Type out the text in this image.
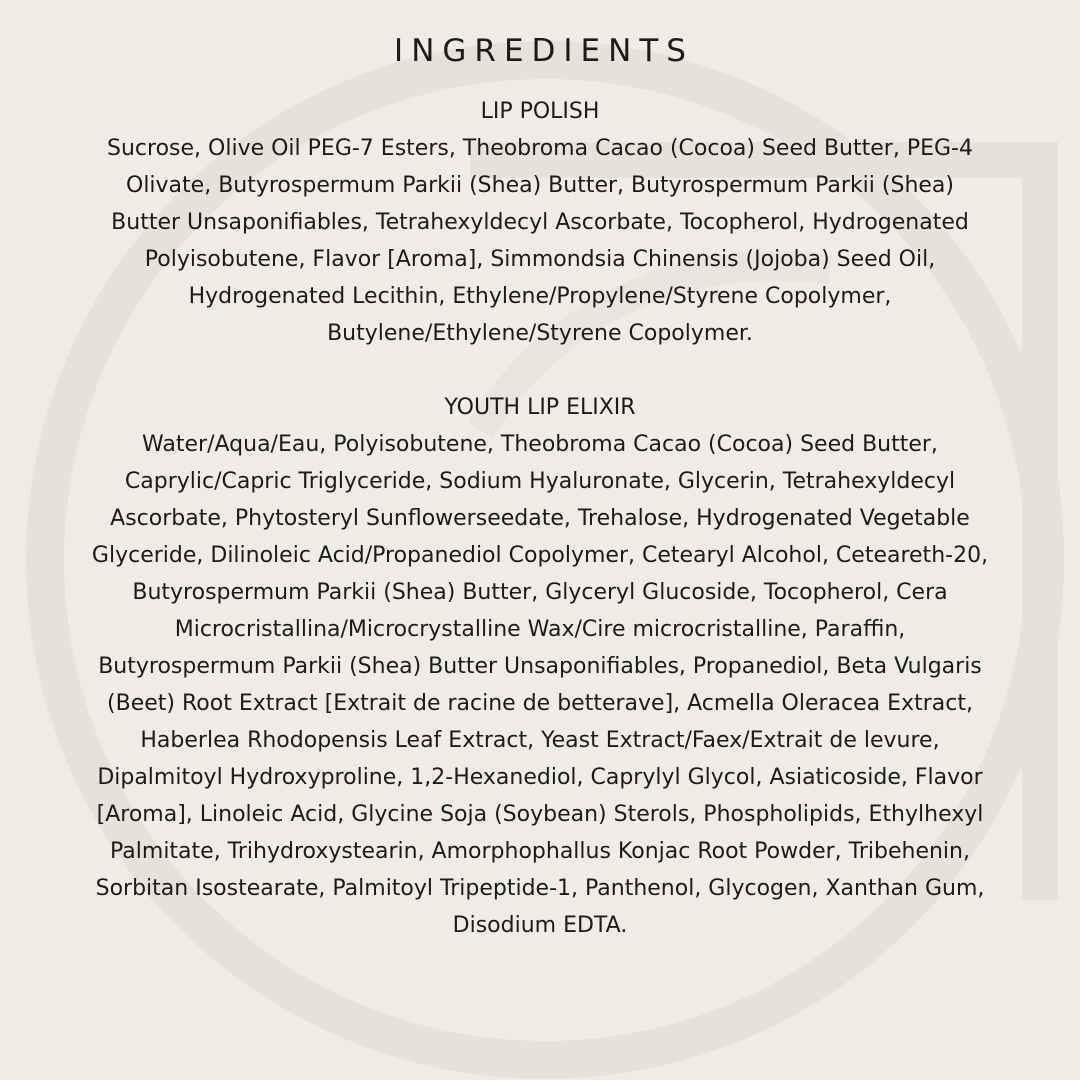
INGREDIENTS
LIP POLISH
Sucrose, Olive Oil PEG-7 Esters, Theobroma Cacao (Cocoa) Seed Butter, PEG-4 Olivate, Butyrospermum Parkii (Shea) Butter, Butyrospermum Parkii (Shea) Butter Unsaponifiables, Tetrahexyldecyl Ascorbate, Tocopherol, Hydrogenated Polyisobutene, Flavor [Aroma], Simmondsia Chinensis (Jojoba) Seed Oil, Hydrogenated Lecithin, Ethylene/Propylene/Styrene Copolymer, Butylene/Ethylene/Styrene Copolymer.
YOUTH LIP ELIXIR
Water/Aqua/Eau, Polyisobutene, Theobroma Cacao (Cocoa) Seed Butter, Caprylic/Capric Triglyceride, Sodium Hyaluronate, Glycerin, Tetrahexyldecyl Ascorbate, Phytosteryl Sunflowerseedate, Trehalose, Hydrogenated Vegetable Glyceride, Dilinoleic Acid/Propanediol Copolymer, Cetearyl Alcohol, Ceteareth-20, Butyrospermum Parkii (Shea) Butter, Glyceryl Glucoside, Tocopherol, Cera Microcristallina/Microcrystalline Wax/Cire microcristalline, Paraffin, Butyrospermum Parkii (Shea) Butter Unsaponifiables, Propanediol, Beta Vulgaris (Beet) Root Extract [Extrait de racine de betterave], Acmella Oleracea Extract, Haberlea Rhodopensis Leaf Extract, Yeast Extract/Faex/Extrait de levure, Dipalmitoyl Hydroxyproline, 1,2-Hexanediol, Caprylyl Glycol, Asiaticoside, Flavor [Aroma], Linoleic Acid, Glycine Soja (Soybean) Sterols, Phospholipids, Ethylhexyl Palmitate, Trihydroxystearin, Amorphophallus Konjac Root Powder, Tribehenin, Sorbitan Isostearate, Palmitoyl Tripeptide-1, Panthenol, Glycogen, Xanthan Gum, Disodium EDTA.
